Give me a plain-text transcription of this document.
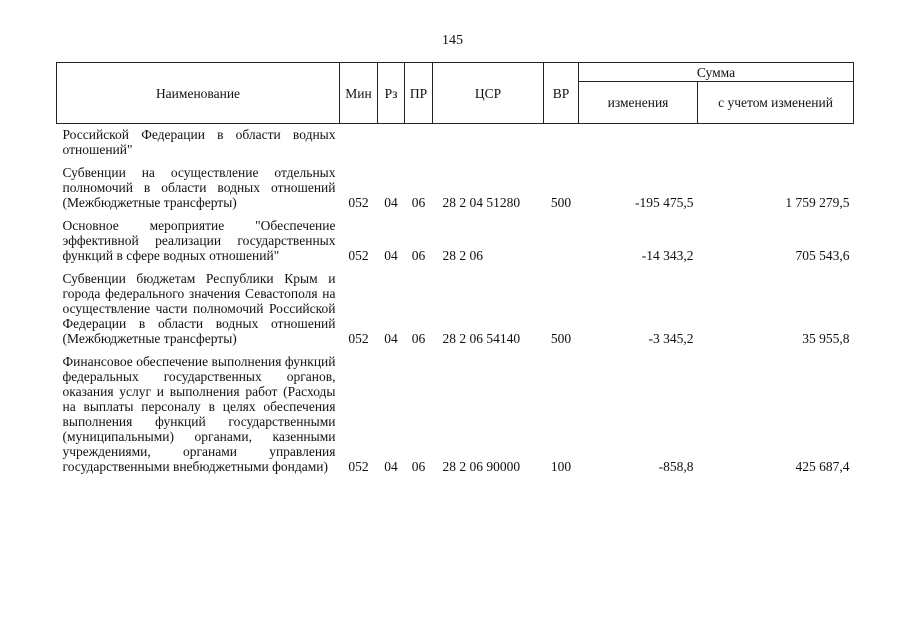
145
Наименование	Мин	Рз	ПР	ЦСР	ВР	Сумма	
						изменения	с учетом изменений
Российской Федерации в области водных отношений"							
Субвенции на осуществление отдельных полномочий в области водных отношений (Межбюджетные трансферты)	052	04	06	28 2 04 51280	500	-195 475,5	1 759 279,5
Основное мероприятие "Обеспечение эффективной реализации государственных функций в сфере водных отношений"	052	04	06	28 2 06		-14 343,2	705 543,6
Субвенции бюджетам Республики Крым и города федерального значения Севастополя на осуществление части полномочий Российской Федерации в области водных отношений (Межбюджетные трансферты)	052	04	06	28 2 06 54140	500	-3 345,2	35 955,8
Финансовое обеспечение выполнения функций федеральных государственных органов, оказания услуг и выполнения работ (Расходы на выплаты персоналу в целях обеспечения выполнения функций государственными (муниципальными) органами, казенными учреждениями, органами управления государственными внебюджетными фондами)	052	04	06	28 2 06 90000	100	-858,8	425 687,4
